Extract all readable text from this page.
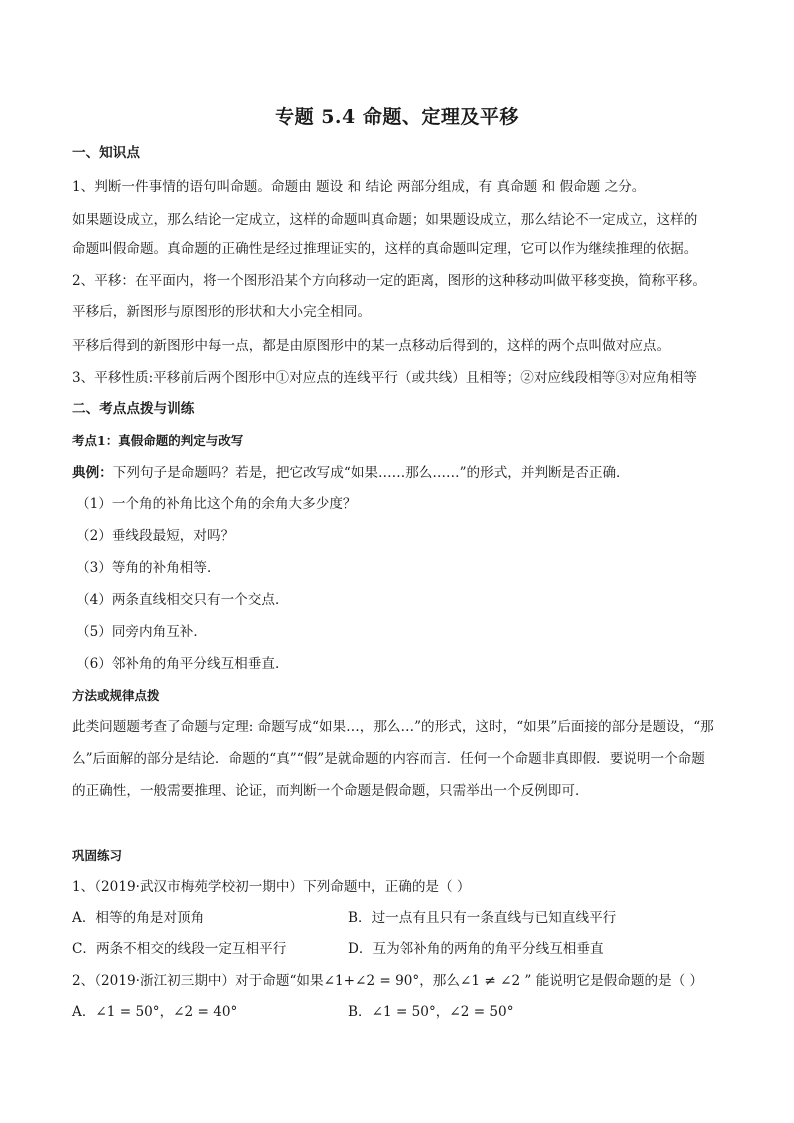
专题 5.4 命题、定理及平移
一、知识点
1、判断一件事情的语句叫命题。命题由 题设 和 结论 两部分组成，有 真命题 和 假命题 之分。
如果题设成立，那么结论一定成立，这样的命题叫真命题；如果题设成立，那么结论不一定成立，这样的
命题叫假命题。真命题的正确性是经过推理证实的，这样的真命题叫定理，它可以作为继续推理的依据。
2、平移：在平面内，将一个图形沿某个方向移动一定的距离，图形的这种移动叫做平移变换，简称平移。
平移后，新图形与原图形的形状和大小完全相同。
平移后得到的新图形中每一点，都是由原图形中的某一点移动后得到的，这样的两个点叫做对应点。
3、平移性质:平移前后两个图形中①对应点的连线平行（或共线）且相等；②对应线段相等③对应角相等
二、考点点拨与训练
考点1：真假命题的判定与改写
典例：下列句子是命题吗？若是，把它改写成“如果……那么……”的形式，并判断是否正确．
（1）一个角的补角比这个角的余角大多少度？
（2）垂线段最短，对吗？
（3）等角的补角相等．
（4）两条直线相交只有一个交点．
（5）同旁内角互补．
（6）邻补角的角平分线互相垂直.
方法或规律点拨
此类问题题考查了命题与定理: 命题写成“如果…，那么…”的形式，这时，“如果”后面接的部分是题设，“那
么”后面解的部分是结论．命题的“真”“假”是就命题的内容而言．任何一个命题非真即假．要说明一个命题
的正确性，一般需要推理、论证，而判断一个命题是假命题，只需举出一个反例即可．
巩固练习
1、（2019·武汉市梅苑学校初一期中）下列命题中，正确的是（ ）
A．相等的角是对顶角	B．过一点有且只有一条直线与已知直线平行
C．两条不相交的线段一定互相平行	D．互为邻补角的两角的角平分线互相垂直
2、（2019·浙江初三期中）对于命题“如果∠1+∠2 = 90°，那么∠1 ≠ ∠2 ” 能说明它是假命题的是（ ）
A．∠1 = 50°，∠2 = 40°	B．∠1 = 50°，∠2 = 50°
